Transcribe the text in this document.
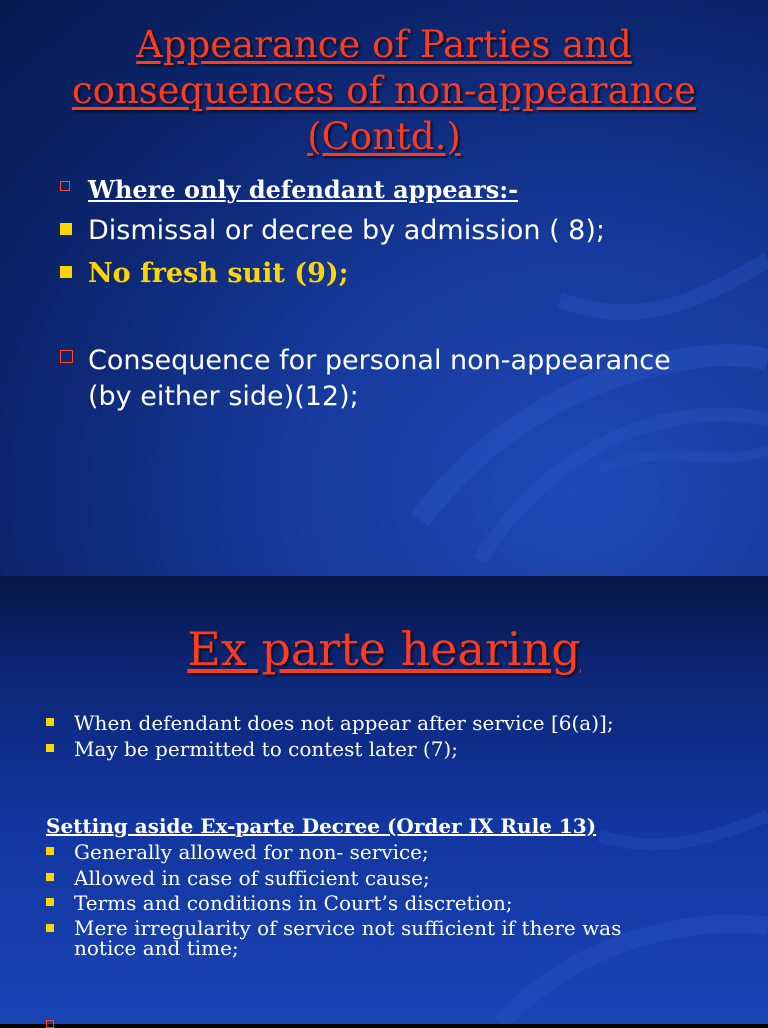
Appearance of Parties and consequences of non-appearance (Contd.)
Where only defendant appears:-
Dismissal or decree by admission ( 8);
No fresh suit (9);
Consequence for personal non-appearance (by either side)(12);
Ex parte hearing
When defendant does not appear after service [6(a)];
May be permitted to contest later (7);
Setting aside Ex-parte Decree (Order IX Rule 13)
Generally allowed for non- service;
Allowed in case of sufficient cause;
Terms and conditions in Court’s discretion;
Mere irregularity of service not sufficient if there was notice and time;
